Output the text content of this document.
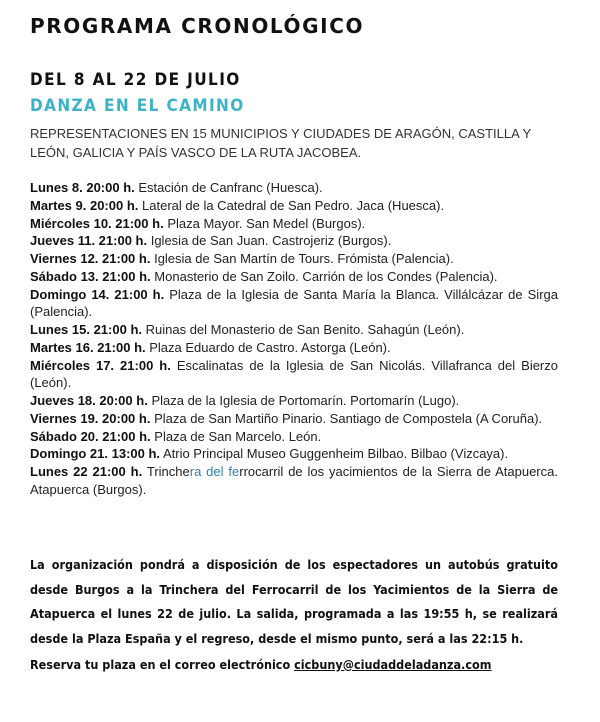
PROGRAMA CRONOLÓGICO
DEL 8 AL 22 DE JULIO
DANZA EN EL CAMINO

REPRESENTACIONES EN 15 MUNICIPIOS Y CIUDADES DE ARAGÓN, CASTILLA Y LEÓN, GALICIA Y PAÍS VASCO DE LA RUTA JACOBEA.

Lunes 8. 20:00 h. Estación de Canfranc (Huesca).
Martes 9. 20:00 h. Lateral de la Catedral de San Pedro. Jaca (Huesca).
Miércoles 10. 21:00 h. Plaza Mayor. San Medel (Burgos).
Jueves 11. 21:00 h. Iglesia de San Juan. Castrojeriz (Burgos).
Viernes 12. 21:00 h. Iglesia de San Martín de Tours. Frómista (Palencia).
Sábado 13. 21:00 h. Monasterio de San Zoilo. Carrión de los Condes (Palencia).
Domingo 14. 21:00 h. Plaza de la Iglesia de Santa María la Blanca. Villálcázar de Sirga (Palencia).
Lunes 15. 21:00 h. Ruinas del Monasterio de San Benito. Sahagún (León).
Martes 16. 21:00 h. Plaza Eduardo de Castro. Astorga (León).
Miércoles 17. 21:00 h. Escalinatas de la Iglesia de San Nicolás. Villafranca del Bierzo (León).
Jueves 18. 20:00 h. Plaza de la Iglesia de Portomarín. Portomarín (Lugo).
Viernes 19. 20:00 h. Plaza de San Martiño Pinario. Santiago de Compostela (A Coruña).
Sábado 20. 21:00 h. Plaza de San Marcelo. León.
Domingo 21. 13:00 h. Atrio Principal Museo Guggenheim Bilbao. Bilbao (Vizcaya).
Lunes 22 21:00 h. Trinchera del ferrocarril de los yacimientos de la Sierra de Atapuerca. Atapuerca (Burgos).

La organización pondrá a disposición de los espectadores un autobús gratuito desde Burgos a la Trinchera del Ferrocarril de los Yacimientos de la Sierra de Atapuerca el lunes 22 de julio. La salida, programada a las 19:55 h, se realizará desde la Plaza España y el regreso, desde el mismo punto, será a las 22:15 h.

Reserva tu plaza en el correo electrónico cicbuny@ciudaddeladanza.com
